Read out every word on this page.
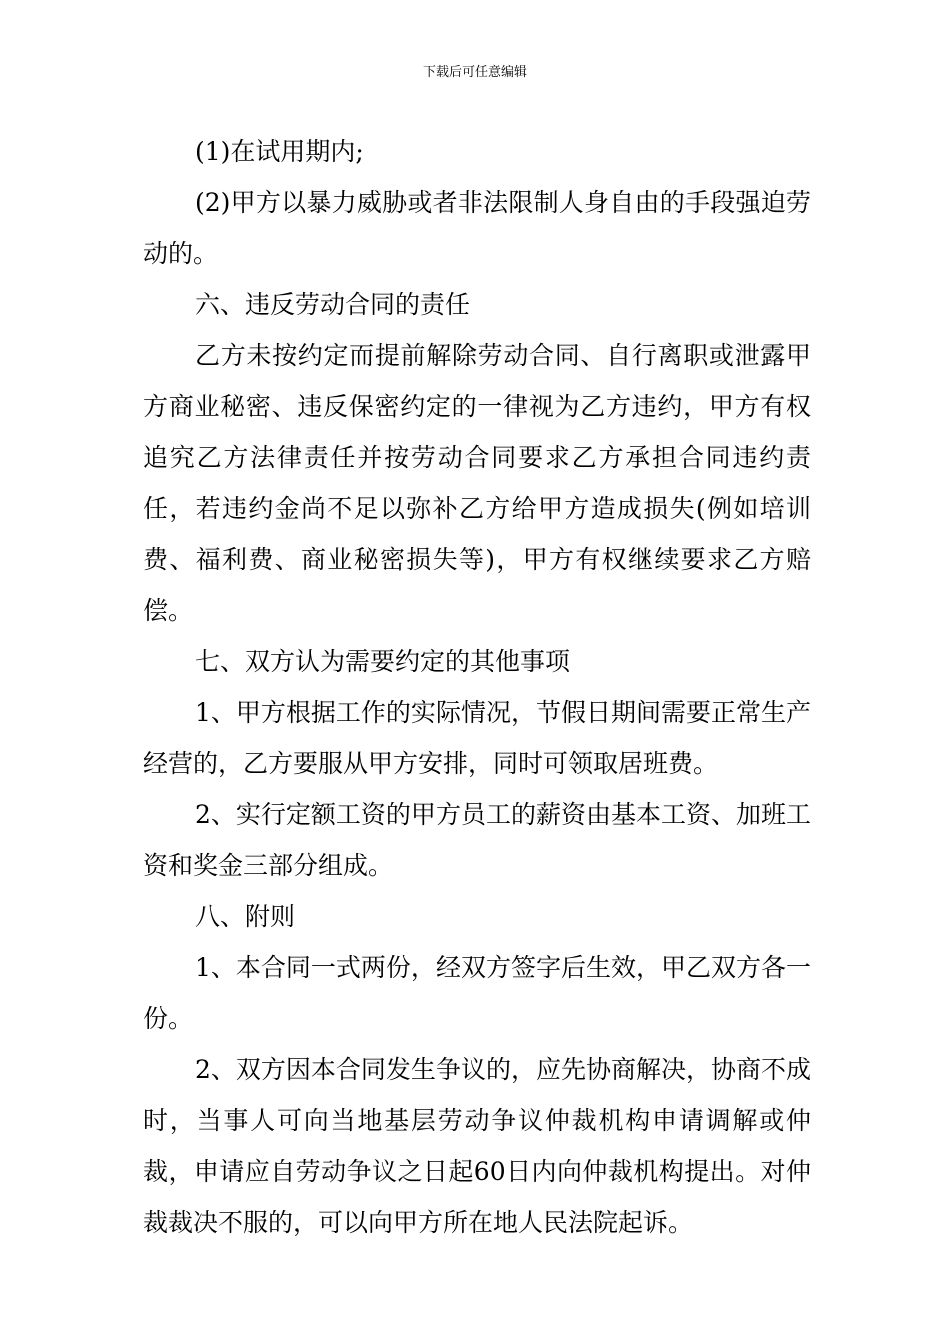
下载后可任意编辑

(1)在试用期内;

(2)甲方以暴力威胁或者非法限制人身自由的手段强迫劳动的。

六、违反劳动合同的责任

乙方未按约定而提前解除劳动合同、自行离职或泄露甲方商业秘密、违反保密约定的一律视为乙方违约，甲方有权追究乙方法律责任并按劳动合同要求乙方承担合同违约责任，若违约金尚不足以弥补乙方给甲方造成损失(例如培训费、福利费、商业秘密损失等)，甲方有权继续要求乙方赔偿。

七、双方认为需要约定的其他事项

1、甲方根据工作的实际情况，节假日期间需要正常生产经营的，乙方要服从甲方安排，同时可领取居班费。

2、实行定额工资的甲方员工的薪资由基本工资、加班工资和奖金三部分组成。

八、附则

1、本合同一式两份，经双方签字后生效，甲乙双方各一份。

2、双方因本合同发生争议的，应先协商解决，协商不成时，当事人可向当地基层劳动争议仲裁机构申请调解或仲裁，申请应自劳动争议之日起60日内向仲裁机构提出。对仲裁裁决不服的，可以向甲方所在地人民法院起诉。
